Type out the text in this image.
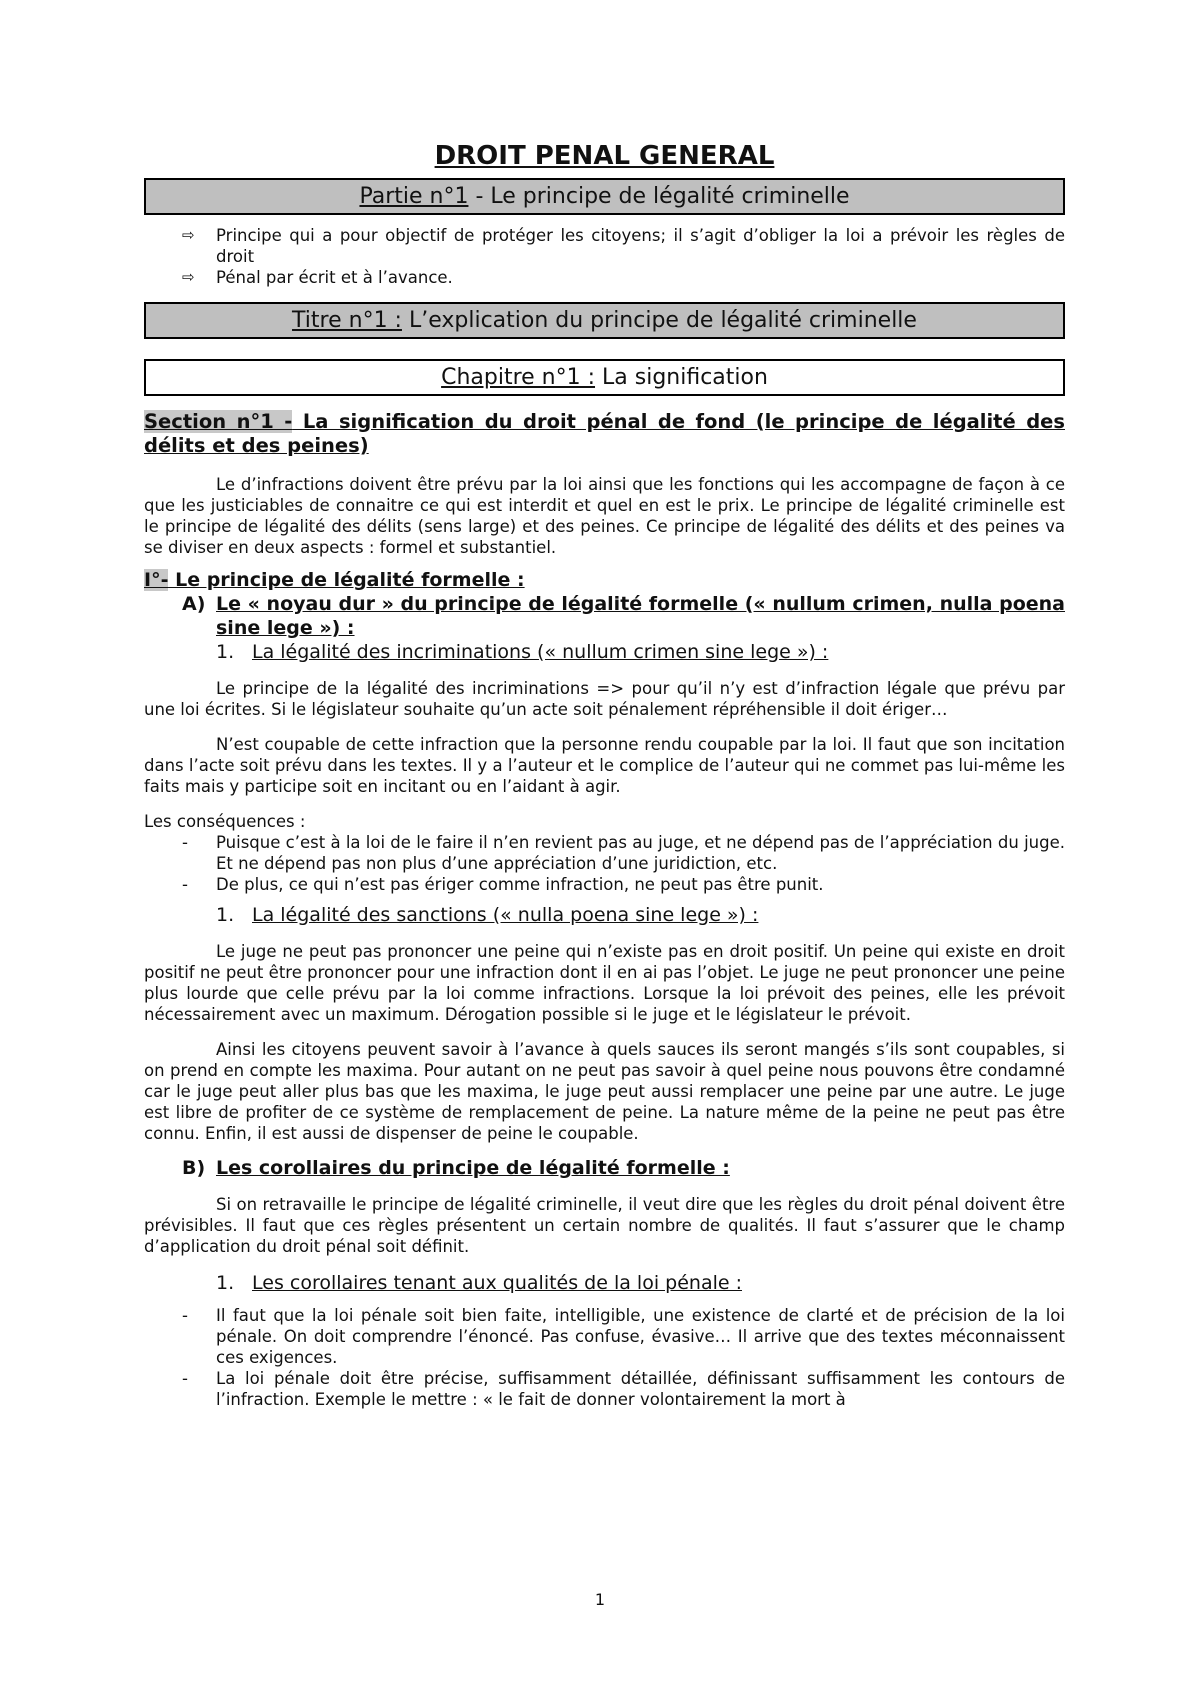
DROIT PENAL GENERAL
Partie n°1 - Le principe de légalité criminelle
⇨ Principe qui a pour objectif de protéger les citoyens; il s’agit d’obliger la loi a prévoir les règles de droit
⇨ Pénal par écrit et à l’avance.
Titre n°1 : L’explication du principe de légalité criminelle
Chapitre n°1 : La signification
Section n°1 - La signification du droit pénal de fond (le principe de légalité des délits et des peines)

Le d’infractions doivent être prévu par la loi ainsi que les fonctions qui les accompagne de façon à ce que les justiciables de connaitre ce qui est interdit et quel en est le prix. Le principe de légalité criminelle est le principe de légalité des délits (sens large) et des peines. Ce principe de légalité des délits et des peines va se diviser en deux aspects : formel et substantiel.

I°- Le principe de légalité formelle :
A) Le « noyau dur » du principe de légalité formelle (« nullum crimen, nulla poena sine lege ») :
1. La légalité des incriminations (« nullum crimen sine lege ») :

Le principe de la légalité des incriminations => pour qu’il n’y est d’infraction légale que prévu par une loi écrites. Si le législateur souhaite qu’un acte soit pénalement répréhensible il doit ériger…

N’est coupable de cette infraction que la personne rendu coupable par la loi. Il faut que son incitation dans l’acte soit prévu dans les textes. Il y a l’auteur et le complice de l’auteur qui ne commet pas lui-même les faits mais y participe soit en incitant ou en l’aidant à agir.

Les conséquences :
- Puisque c’est à la loi de le faire il n’en revient pas au juge, et ne dépend pas de l’appréciation du juge. Et ne dépend pas non plus d’une appréciation d’une juridiction, etc.
- De plus, ce qui n’est pas ériger comme infraction, ne peut pas être punit.
1. La légalité des sanctions (« nulla poena sine lege ») :

Le juge ne peut pas prononcer une peine qui n’existe pas en droit positif. Un peine qui existe en droit positif ne peut être prononcer pour une infraction dont il en ai pas l’objet. Le juge ne peut prononcer une peine plus lourde que celle prévu par la loi comme infractions. Lorsque la loi prévoit des peines, elle les prévoit nécessairement avec un maximum. Dérogation possible si le juge et le législateur le prévoit.

Ainsi les citoyens peuvent savoir à l’avance à quels sauces ils seront mangés s’ils sont coupables, si on prend en compte les maxima. Pour autant on ne peut pas savoir à quel peine nous pouvons être condamné car le juge peut aller plus bas que les maxima, le juge peut aussi remplacer une peine par une autre. Le juge est libre de profiter de ce système de remplacement de peine. La nature même de la peine ne peut pas être connu. Enfin, il est aussi de dispenser de peine le coupable.

B) Les corollaires du principe de légalité formelle :

Si on retravaille le principe de légalité criminelle, il veut dire que les règles du droit pénal doivent être prévisibles. Il faut que ces règles présentent un certain nombre de qualités. Il faut s’assurer que le champ d’application du droit pénal soit définit.

1. Les corollaires tenant aux qualités de la loi pénale :
- Il faut que la loi pénale soit bien faite, intelligible, une existence de clarté et de précision de la loi pénale. On doit comprendre l’énoncé. Pas confuse, évasive… Il arrive que des textes méconnaissent ces exigences.
- La loi pénale doit être précise, suffisamment détaillée, définissant suffisamment les contours de l’infraction. Exemple le mettre : « le fait de donner volontairement la mort à
1
